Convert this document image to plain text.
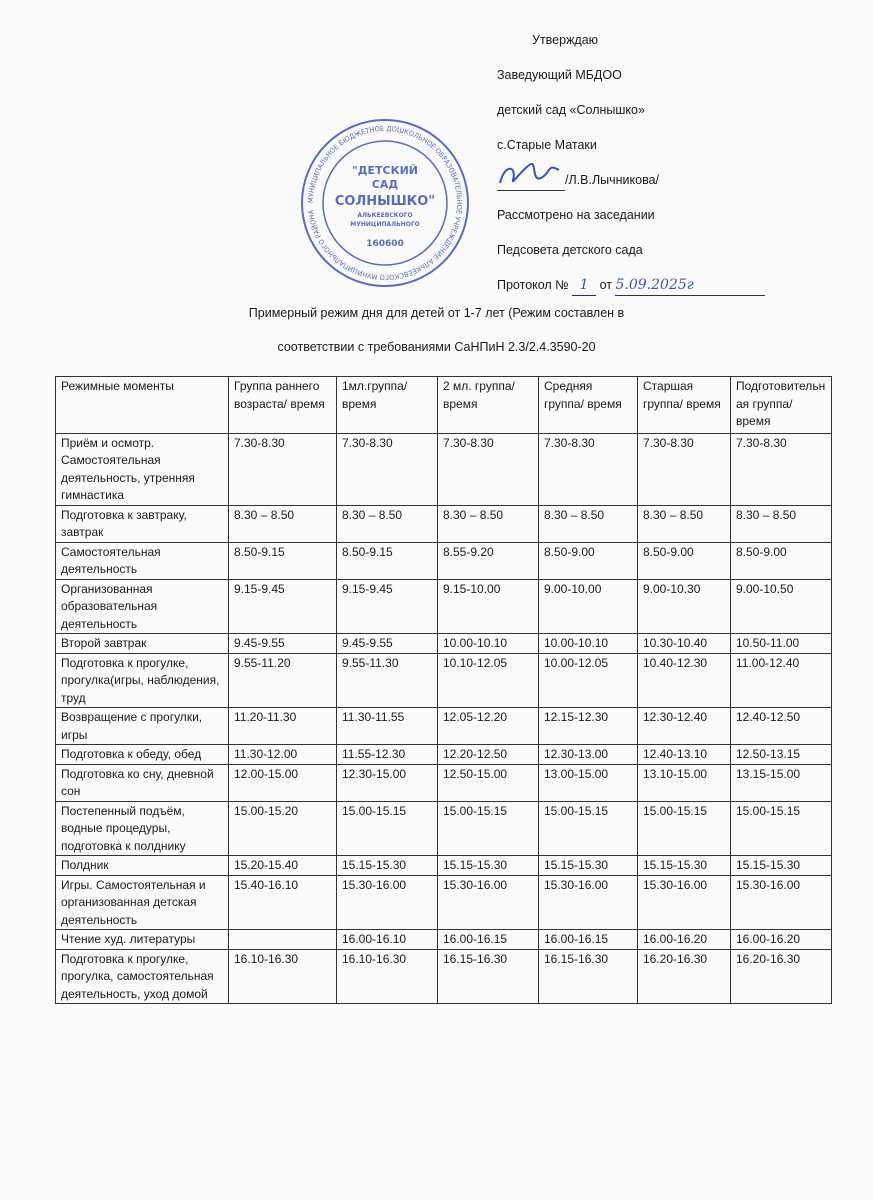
Утверждаю
Заведующий МБДОО
детский сад «Солнышко»
с.Старые Матаки
/Л.В.Лычникова/
Рассмотрено на заседании
Педсовета детского сада
Протокол № 1 от 5.09.2025г
МУНИЦИПАЛЬНОЕ БЮДЖЕТНОЕ ДОШКОЛЬНОЕ ОБРАЗОВАТЕЛЬНОЕ УЧРЕЖДЕНИЕ АЛЬКЕЕВСКОГО МУНИЦИПАЛЬНОГО РАЙОНА
"ДЕТСКИЙ
САД
СОЛНЫШКО"
АЛЬКЕЕВСКОГО
МУНИЦИПАЛЬНОГО
160600
Примерный режим дня для детей от 1-7 лет (Режим составлен в
соответствии с требованиями СаНПиН 2.3/2.4.3590-20
Режимные моменты	Группа раннего возраста/ время	1мл.группа/ время	2 мл. группа/ время	Средняя группа/ время	Старшая группа/ время	Подготовительная группа/ время
Приём и осмотр. Самостоятельная деятельность, утренняя гимнастика	7.30-8.30	7.30-8.30	7.30-8.30	7.30-8.30	7.30-8.30	7.30-8.30
Подготовка к завтраку, завтрак	8.30 – 8.50	8.30 – 8.50	8.30 – 8.50	8.30 – 8.50	8.30 – 8.50	8.30 – 8.50
Самостоятельная деятельность	8.50-9.15	8.50-9.15	8.55-9.20	8.50-9.00	8.50-9.00	8.50-9.00
Организованная образовательная деятельность	9.15-9.45	9.15-9.45	9.15-10.00	9.00-10.00	9.00-10.30	9.00-10.50
Второй завтрак	9.45-9.55	9.45-9.55	10.00-10.10	10.00-10.10	10.30-10.40	10.50-11.00
Подготовка к прогулке, прогулка(игры, наблюдения, труд	9.55-11.20	9.55-11.30	10.10-12.05	10.00-12.05	10.40-12.30	11.00-12.40
Возвращение с прогулки, игры	11.20-11.30	11.30-11.55	12.05-12.20	12.15-12.30	12.30-12.40	12.40-12.50
Подготовка к обеду, обед	11.30-12.00	11.55-12.30	12.20-12.50	12.30-13.00	12.40-13.10	12.50-13.15
Подготовка ко сну, дневной сон	12.00-15.00	12.30-15.00	12.50-15.00	13.00-15.00	13.10-15.00	13.15-15.00
Постепенный подъём, водные процедуры, подготовка к полднику	15.00-15.20	15.00-15.15	15.00-15.15	15.00-15.15	15.00-15.15	15.00-15.15
Полдник	15.20-15.40	15.15-15.30	15.15-15.30	15.15-15.30	15.15-15.30	15.15-15.30
Игры. Самостоятельная и организованная детская деятельность	15.40-16.10	15.30-16.00	15.30-16.00	15.30-16.00	15.30-16.00	15.30-16.00
Чтение худ. литературы		16.00-16.10	16.00-16.15	16.00-16.15	16.00-16.20	16.00-16.20
Подготовка к прогулке, прогулка, самостоятельная деятельность, уход домой	16.10-16.30	16.10-16.30	16.15-16.30	16.15-16.30	16.20-16.30	16.20-16.30
